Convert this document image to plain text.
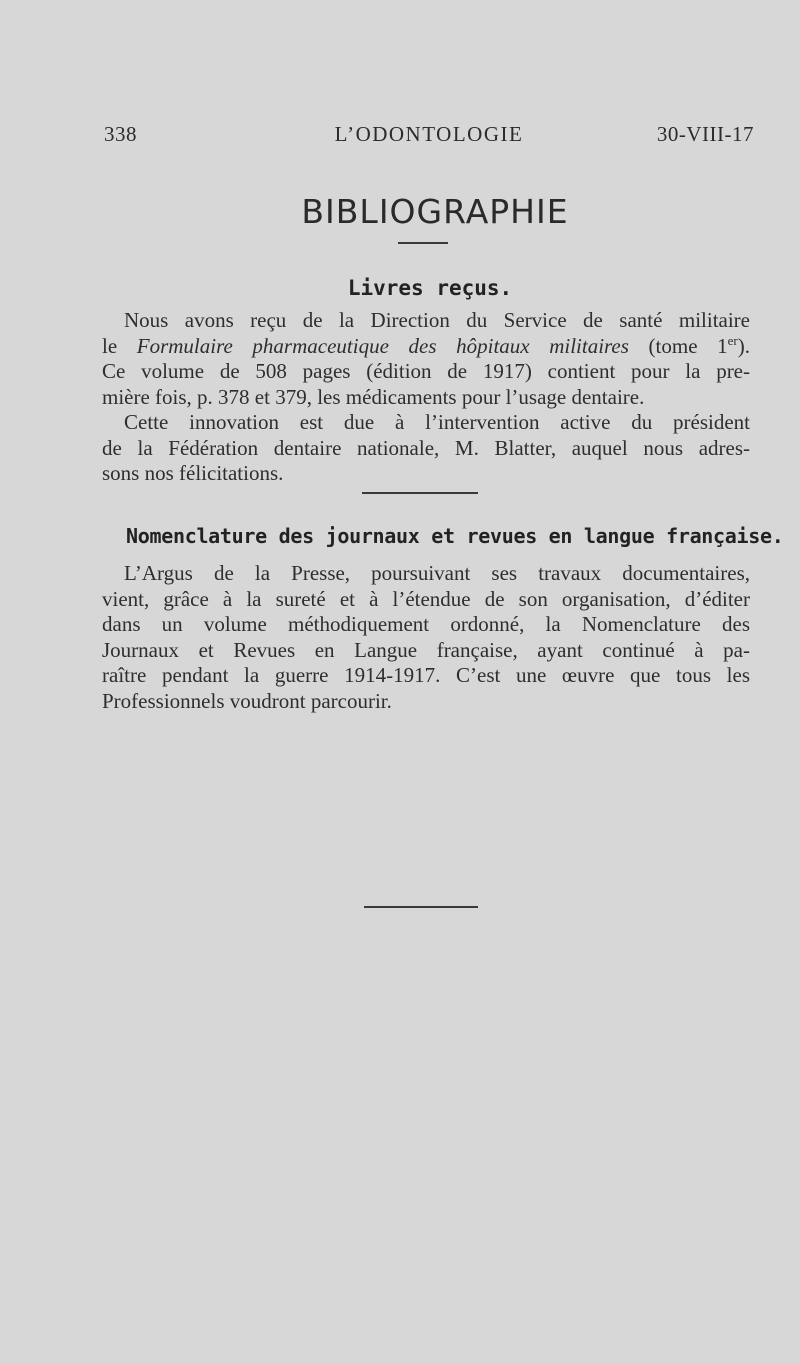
338	L’ODONTOLOGIE	30-VIII-17
BIBLIOGRAPHIE
Livres reçus.
Nous avons reçu de la Direction du Service de santé militaire
le Formulaire pharmaceutique des hôpitaux militaires (tome 1er).
Ce volume de 508 pages (édition de 1917) contient pour la pre-
mière fois, p. 378 et 379, les médicaments pour l’usage dentaire.
Cette innovation est due à l’intervention active du président
de la Fédération dentaire nationale, M. Blatter, auquel nous adres-
sons nos félicitations.
Nomenclature des journaux et revues en langue française.
L’Argus de la Presse, poursuivant ses travaux documentaires,
vient, grâce à la sureté et à l’étendue de son organisation, d’éditer
dans un volume méthodiquement ordonné, la Nomenclature des
Journaux et Revues en Langue française, ayant continué à pa-
raître pendant la guerre 1914-1917. C’est une œuvre que tous les
Professionnels voudront parcourir.
